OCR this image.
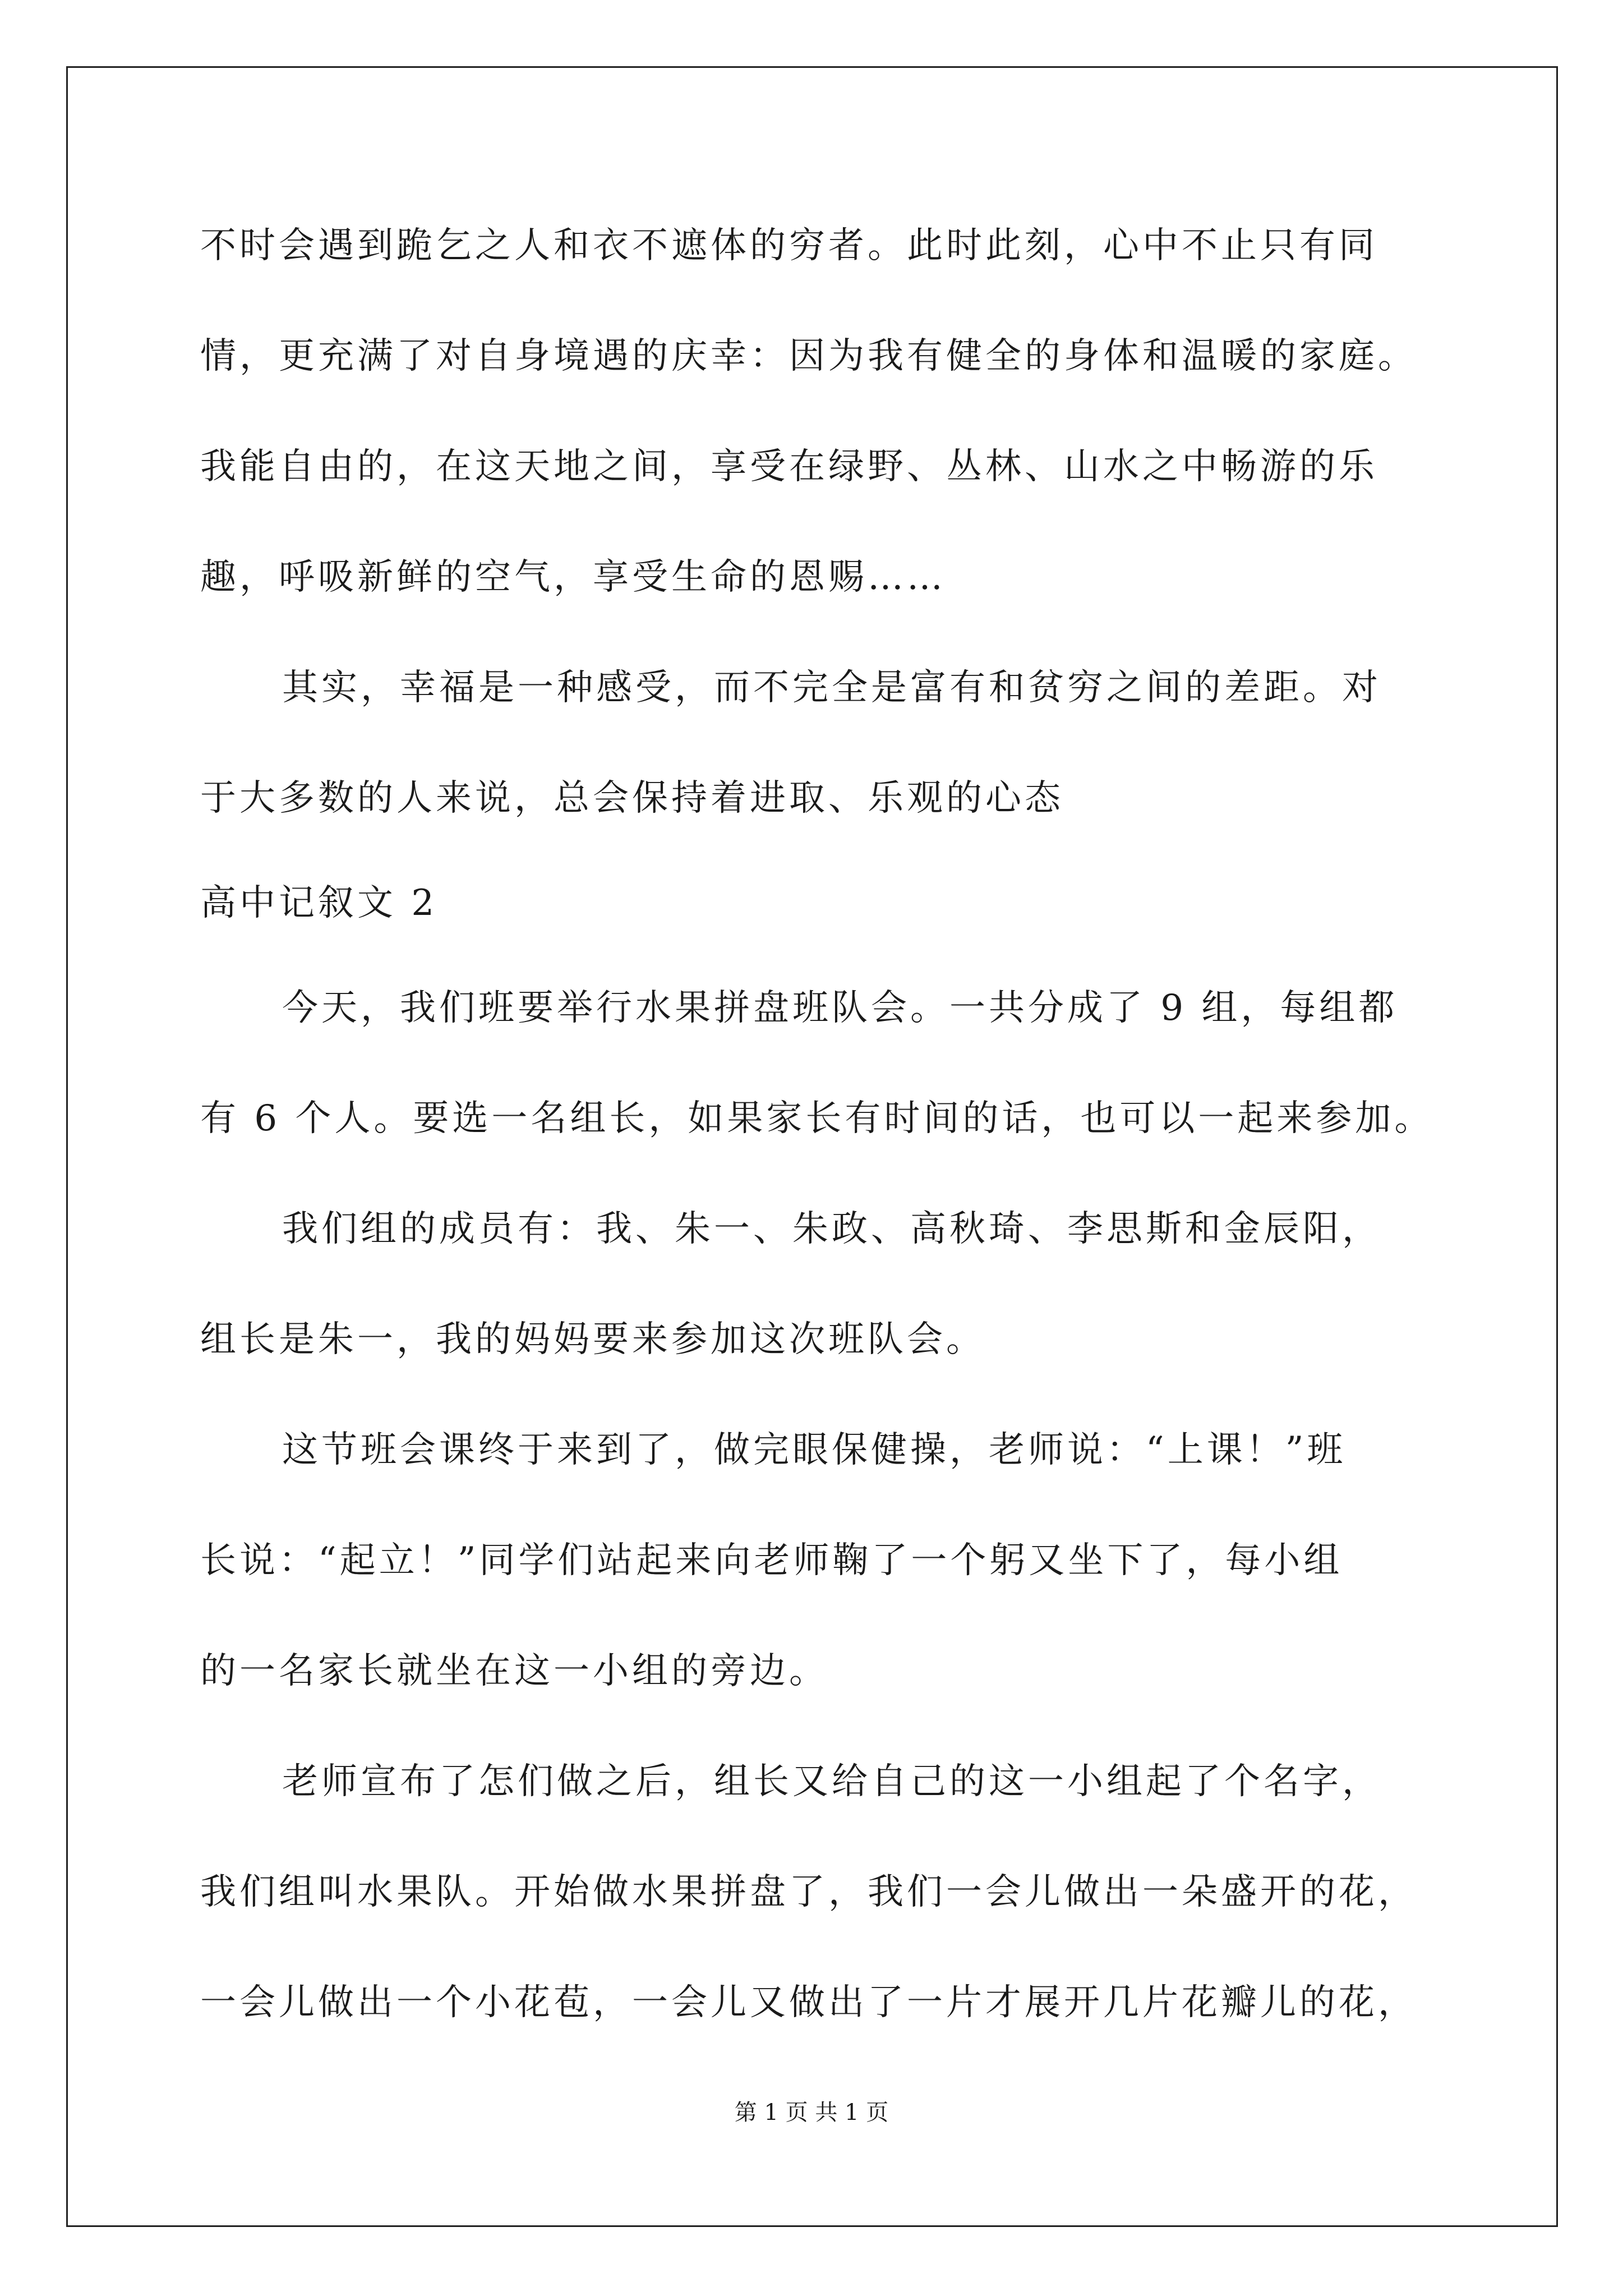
不时会遇到跪乞之人和衣不遮体的穷者。此时此刻，心中不止只有同
情，更充满了对自身境遇的庆幸：因为我有健全的身体和温暖的家庭。
我能自由的，在这天地之间，享受在绿野、丛林、山水之中畅游的乐
趣，呼吸新鲜的空气，享受生命的恩赐……
其实，幸福是一种感受，而不完全是富有和贫穷之间的差距。对
于大多数的人来说，总会保持着进取、乐观的心态
高中记叙文 2
今天，我们班要举行水果拼盘班队会。一共分成了 9 组，每组都
有 6 个人。要选一名组长，如果家长有时间的话，也可以一起来参加。
我们组的成员有：我、朱一、朱政、高秋琦、李思斯和金辰阳，
组长是朱一，我的妈妈要来参加这次班队会。
这节班会课终于来到了，做完眼保健操，老师说：“上课！”班
长说：“起立！”同学们站起来向老师鞠了一个躬又坐下了，每小组
的一名家长就坐在这一小组的旁边。
老师宣布了怎们做之后，组长又给自己的这一小组起了个名字，
我们组叫水果队。开始做水果拼盘了，我们一会儿做出一朵盛开的花，
一会儿做出一个小花苞，一会儿又做出了一片才展开几片花瓣儿的花，
第 1 页 共 1 页
